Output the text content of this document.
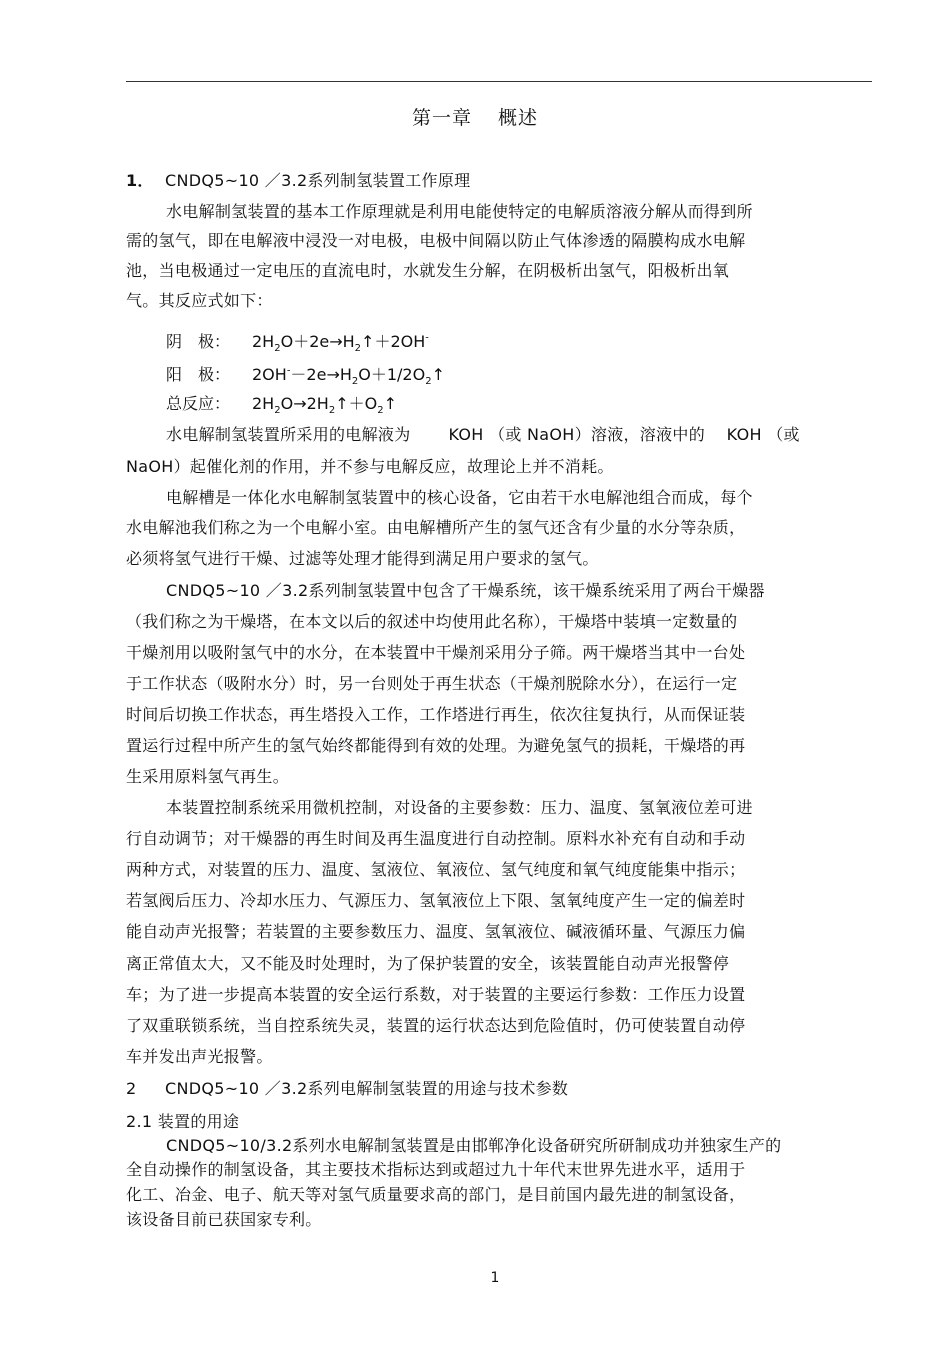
第一章 概述
1． CNDQ5~10 ／3.2系列制氢装置工作原理
水电解制氢装置的基本工作原理就是利用电能使特定的电解质溶液分解从而得到所
需的氢气，即在电解液中浸没一对电极，电极中间隔以防止气体渗透的隔膜构成水电解
池，当电极通过一定电压的直流电时，水就发生分解，在阴极析出氢气，阳极析出氧
气。其反应式如下：
阴　极： $2H_2O+2e\to H_2↑+2OH^-$
阳　极： $2OH^--2e\to H_2O+1/2O_2↑$
总反应： $2H_2O\to 2H_2↑+O_2↑$
水电解制氢装置所采用的电解液为　　 KOH （或 NaOH）溶液，溶液中的　 KOH （或
NaOH）起催化剂的作用，并不参与电解反应，故理论上并不消耗。
电解槽是一体化水电解制氢装置中的核心设备，它由若干水电解池组合而成，每个
水电解池我们称之为一个电解小室。由电解槽所产生的氢气还含有少量的水分等杂质，
必须将氢气进行干燥、过滤等处理才能得到满足用户要求的氢气。
CNDQ5~10 ／3.2系列制氢装置中包含了干燥系统，该干燥系统采用了两台干燥器
（我们称之为干燥塔，在本文以后的叙述中均使用此名称），干燥塔中装填一定数量的
干燥剂用以吸附氢气中的水分，在本装置中干燥剂采用分子筛。两干燥塔当其中一台处
于工作状态（吸附水分）时，另一台则处于再生状态（干燥剂脱除水分），在运行一定
时间后切换工作状态，再生塔投入工作，工作塔进行再生，依次往复执行，从而保证装
置运行过程中所产生的氢气始终都能得到有效的处理。为避免氢气的损耗，干燥塔的再
生采用原料氢气再生。
本装置控制系统采用微机控制，对设备的主要参数：压力、温度、氢氧液位差可进
行自动调节；对干燥器的再生时间及再生温度进行自动控制。原料水补充有自动和手动
两种方式，对装置的压力、温度、氢液位、氧液位、氢气纯度和氧气纯度能集中指示；
若氢阀后压力、冷却水压力、气源压力、氢氧液位上下限、氢氧纯度产生一定的偏差时
能自动声光报警；若装置的主要参数压力、温度、氢氧液位、碱液循环量、气源压力偏
离正常值太大，又不能及时处理时，为了保护装置的安全，该装置能自动声光报警停
车；为了进一步提高本装置的安全运行系数，对于装置的主要运行参数：工作压力设置
了双重联锁系统，当自控系统失灵，装置的运行状态达到危险值时，仍可使装置自动停
车并发出声光报警。
2 CNDQ5~10 ／3.2系列电解制氢装置的用途与技术参数
2.1 装置的用途
CNDQ5~10/3.2系列水电解制氢装置是由邯郸净化设备研究所研制成功并独家生产的
全自动操作的制氢设备，其主要技术指标达到或超过九十年代末世界先进水平，适用于
化工、冶金、电子、航天等对氢气质量要求高的部门，是目前国内最先进的制氢设备，
该设备目前已获国家专利。
1
